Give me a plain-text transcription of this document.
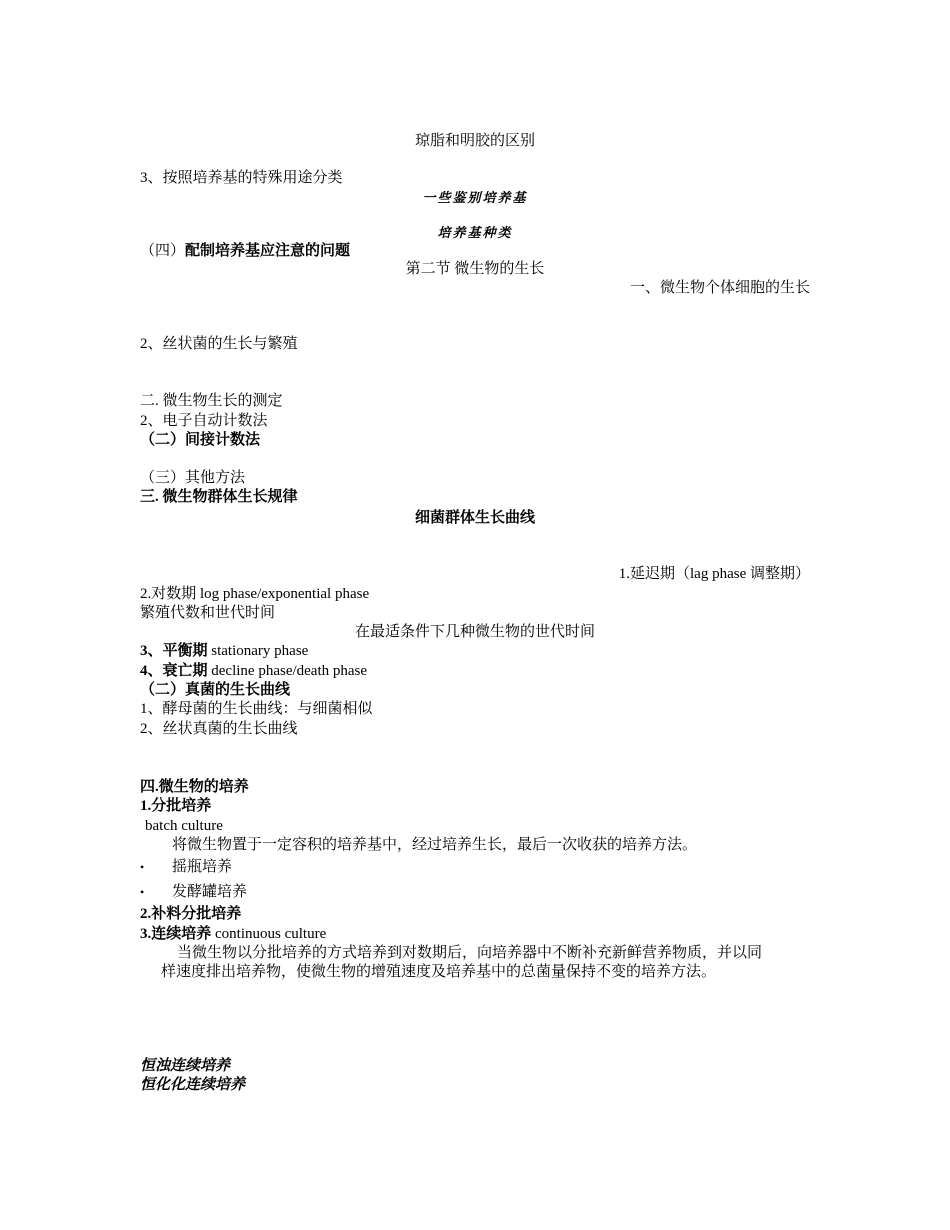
琼脂和明胶的区别
3、按照培养基的特殊用途分类
一些鉴别培养基
培养基种类
（四）配制培养基应注意的问题
第二节 微生物的生长
一、微生物个体细胞的生长
2、丝状菌的生长与繁殖
二. 微生物生长的测定
2、电子自动计数法
（二）间接计数法
（三）其他方法
三. 微生物群体生长规律
细菌群体生长曲线
1.延迟期（lag phase 调整期）
2.对数期 log phase/exponential phase
繁殖代数和世代时间
在最适条件下几种微生物的世代时间
3、平衡期 stationary phase
4、衰亡期 decline phase/death phase
（二）真菌的生长曲线
1、酵母菌的生长曲线：与细菌相似
2、丝状真菌的生长曲线
四.微生物的培养
1.分批培养
batch culture
将微生物置于一定容积的培养基中，经过培养生长，最后一次收获的培养方法。
• 摇瓶培养
• 发酵罐培养
2.补料分批培养
3.连续培养 continuous culture
当微生物以分批培养的方式培养到对数期后，向培养器中不断补充新鲜营养物质，并以同
样速度排出培养物，使微生物的增殖速度及培养基中的总菌量保持不变的培养方法。
恒浊连续培养
恒化化连续培养
